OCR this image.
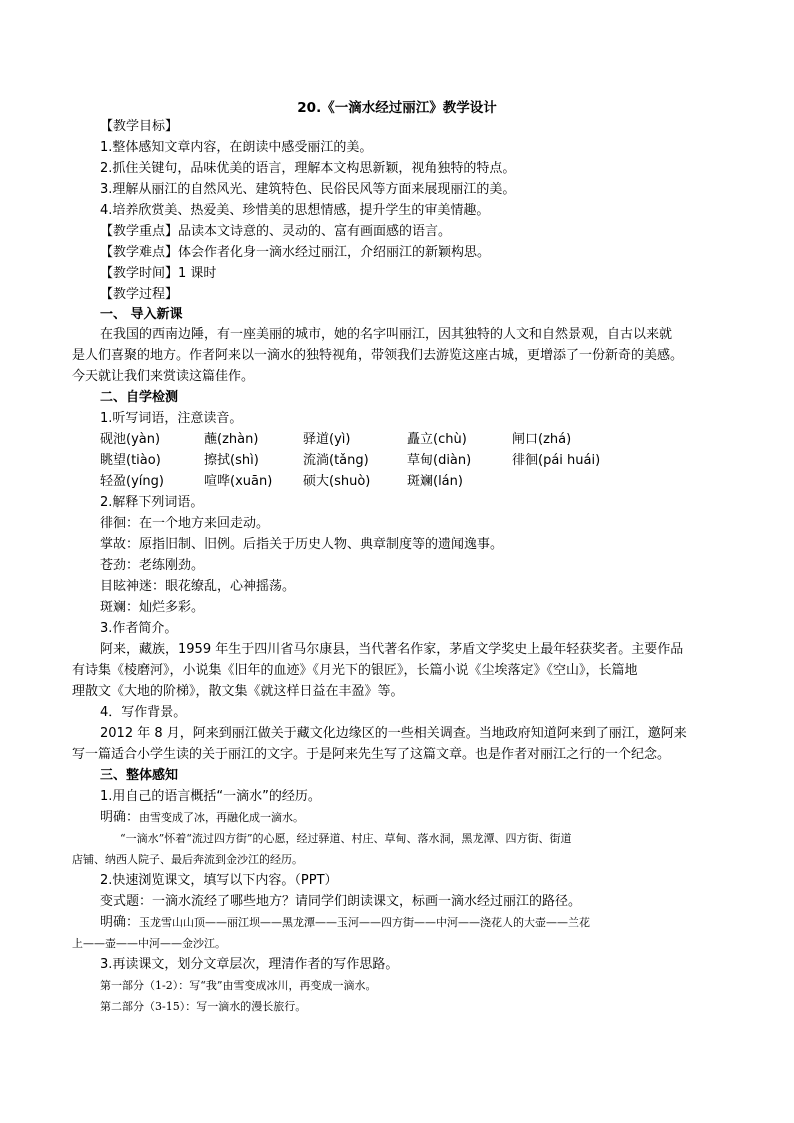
20.《一滴水经过丽江》教学设计
【教学目标】
1.整体感知文章内容，在朗读中感受丽江的美。
2.抓住关键句，品味优美的语言，理解本文构思新颖，视角独特的特点。
3.理解从丽江的自然风光、建筑特色、民俗民风等方面来展现丽江的美。
4.培养欣赏美、热爱美、珍惜美的思想情感，提升学生的审美情趣。
【教学重点】品读本文诗意的、灵动的、富有画面感的语言。
【教学难点】体会作者化身一滴水经过丽江，介绍丽江的新颖构思。
【教学时间】1 课时
【教学过程】
一、 导入新课
在我国的西南边陲，有一座美丽的城市，她的名字叫丽江，因其独特的人文和自然景观，自古以来就
是人们喜聚的地方。作者阿来以一滴水的独特视角，带领我们去游览这座古城，更增添了一份新奇的美感。
今天就让我们来赏读这篇佳作。
二、自学检测
1.听写词语，注意读音。
砚池(yàn)	蘸(zhàn)	驿道(yì)	矗立(chù)	闸口(zhá)
眺望(tiào)	擦拭(shì)	流淌(tǎng)	草甸(diàn)	徘徊(pái huái)
轻盈(yíng)	喧哗(xuān) 硕大(shuò)	斑斓(lán)
2.解释下列词语。
徘徊：在一个地方来回走动。
掌故：原指旧制、旧例。后指关于历史人物、典章制度等的遗闻逸事。
苍劲：老练刚劲。
目眩神迷：眼花缭乱，心神摇荡。
斑斓：灿烂多彩。
3.作者简介。
阿来，藏族，1959 年生于四川省马尔康县，当代著名作家，茅盾文学奖史上最年轻获奖者。主要作品
有诗集《棱磨河》，小说集《旧年的血迹》《月光下的银匠》，长篇小说《尘埃落定》《空山》，长篇地
理散文《大地的阶梯》，散文集《就这样日益在丰盈》等。
4．写作背景。
2012 年 8 月，阿来到丽江做关于藏文化边缘区的一些相关调查。当地政府知道阿来到了丽江，邀阿来
写一篇适合小学生读的关于丽江的文字。于是阿来先生写了这篇文章。也是作者对丽江之行的一个纪念。
三、整体感知
1.用自己的语言概括“一滴水”的经历。
明确：由雪变成了冰，再融化成一滴水。
“一滴水”怀着“流过四方街”的心愿，经过驿道、村庄、草甸、落水洞，黑龙潭、四方街、街道
店铺、纳西人院子、最后奔流到金沙江的经历。
2.快速浏览课文，填写以下内容。（PPT）
变式题：一滴水流经了哪些地方？请同学们朗读课文，标画一滴水经过丽江的路径。
明确：玉龙雪山山顶——丽江坝——黑龙潭——玉河——四方街——中河——浇花人的大壶——兰花
上——壶——中河——金沙江。
3.再读课文，划分文章层次，理清作者的写作思路。
第一部分（1-2）：写“我”由雪变成冰川，再变成一滴水。
第二部分（3-15）：写一滴水的漫长旅行。
